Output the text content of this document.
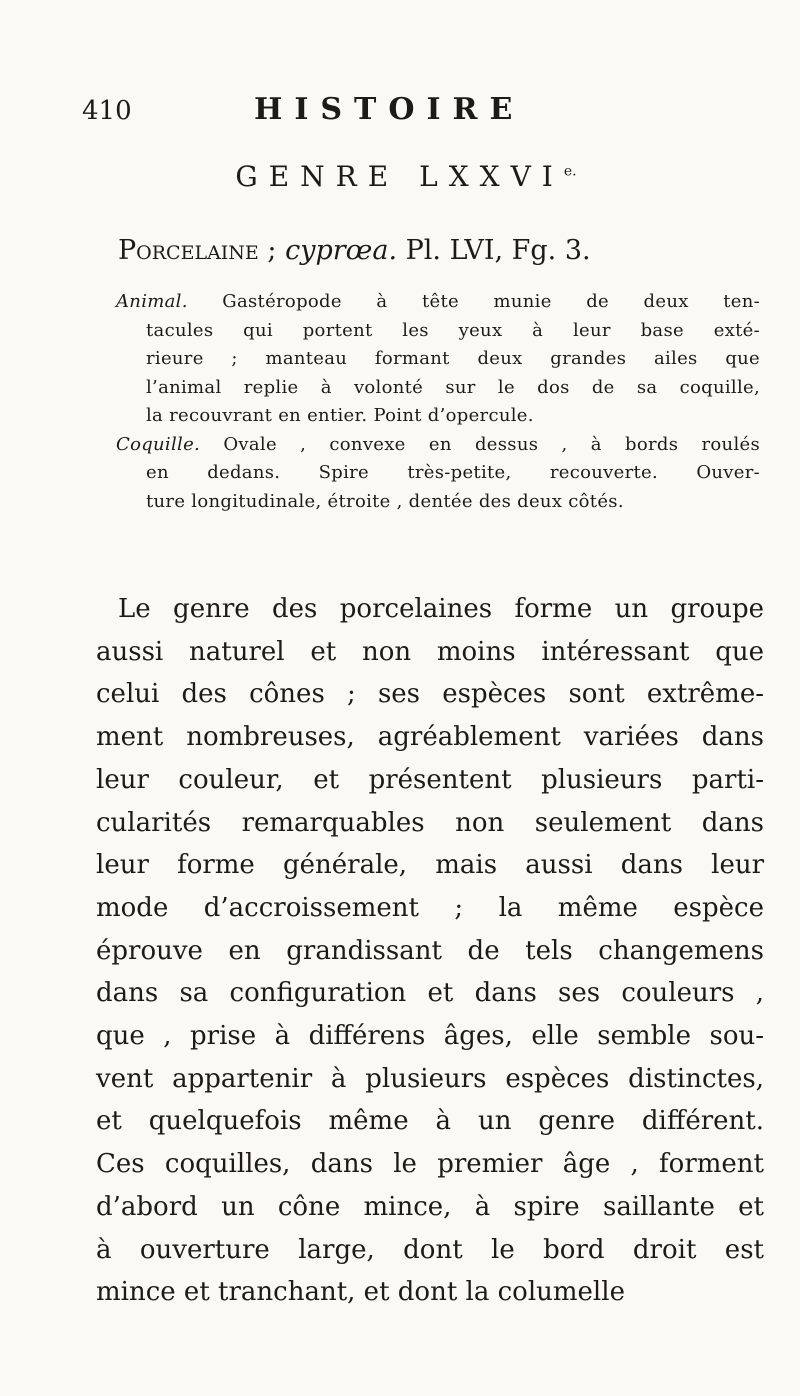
410	HISTOIRE
GENRE $LXXVI^{e.}$
Porcelaine ; cyprœa. Pl. LVI, Fg. 3.

Animal. Gastéropode à tête munie de deux ten-

tacules qui portent les yeux à leur base exté-

rieure ; manteau formant deux grandes ailes que

l’animal replie à volonté sur le dos de sa coquille,

la recouvrant en entier. Point d’opercule.

Coquille. Ovale , convexe en dessus , à bords roulés

en dedans. Spire très-petite, recouverte. Ouver-

ture longitudinale, étroite , dentée des deux côtés.

Le genre des porcelaines forme un groupe

aussi naturel et non moins intéressant que

celui des cônes ; ses espèces sont extrême-

ment nombreuses, agréablement variées dans

leur couleur, et présentent plusieurs parti-

cularités remarquables non seulement dans

leur forme générale, mais aussi dans leur

mode d’accroissement ; la même espèce

éprouve en grandissant de tels changemens

dans sa configuration et dans ses couleurs ,

que , prise à différens âges, elle semble sou-

vent appartenir à plusieurs espèces distinctes,

et quelquefois même à un genre différent.

Ces coquilles, dans le premier âge , forment

d’abord un cône mince, à spire saillante et

à ouverture large, dont le bord droit est

mince et tranchant, et dont la columelle
